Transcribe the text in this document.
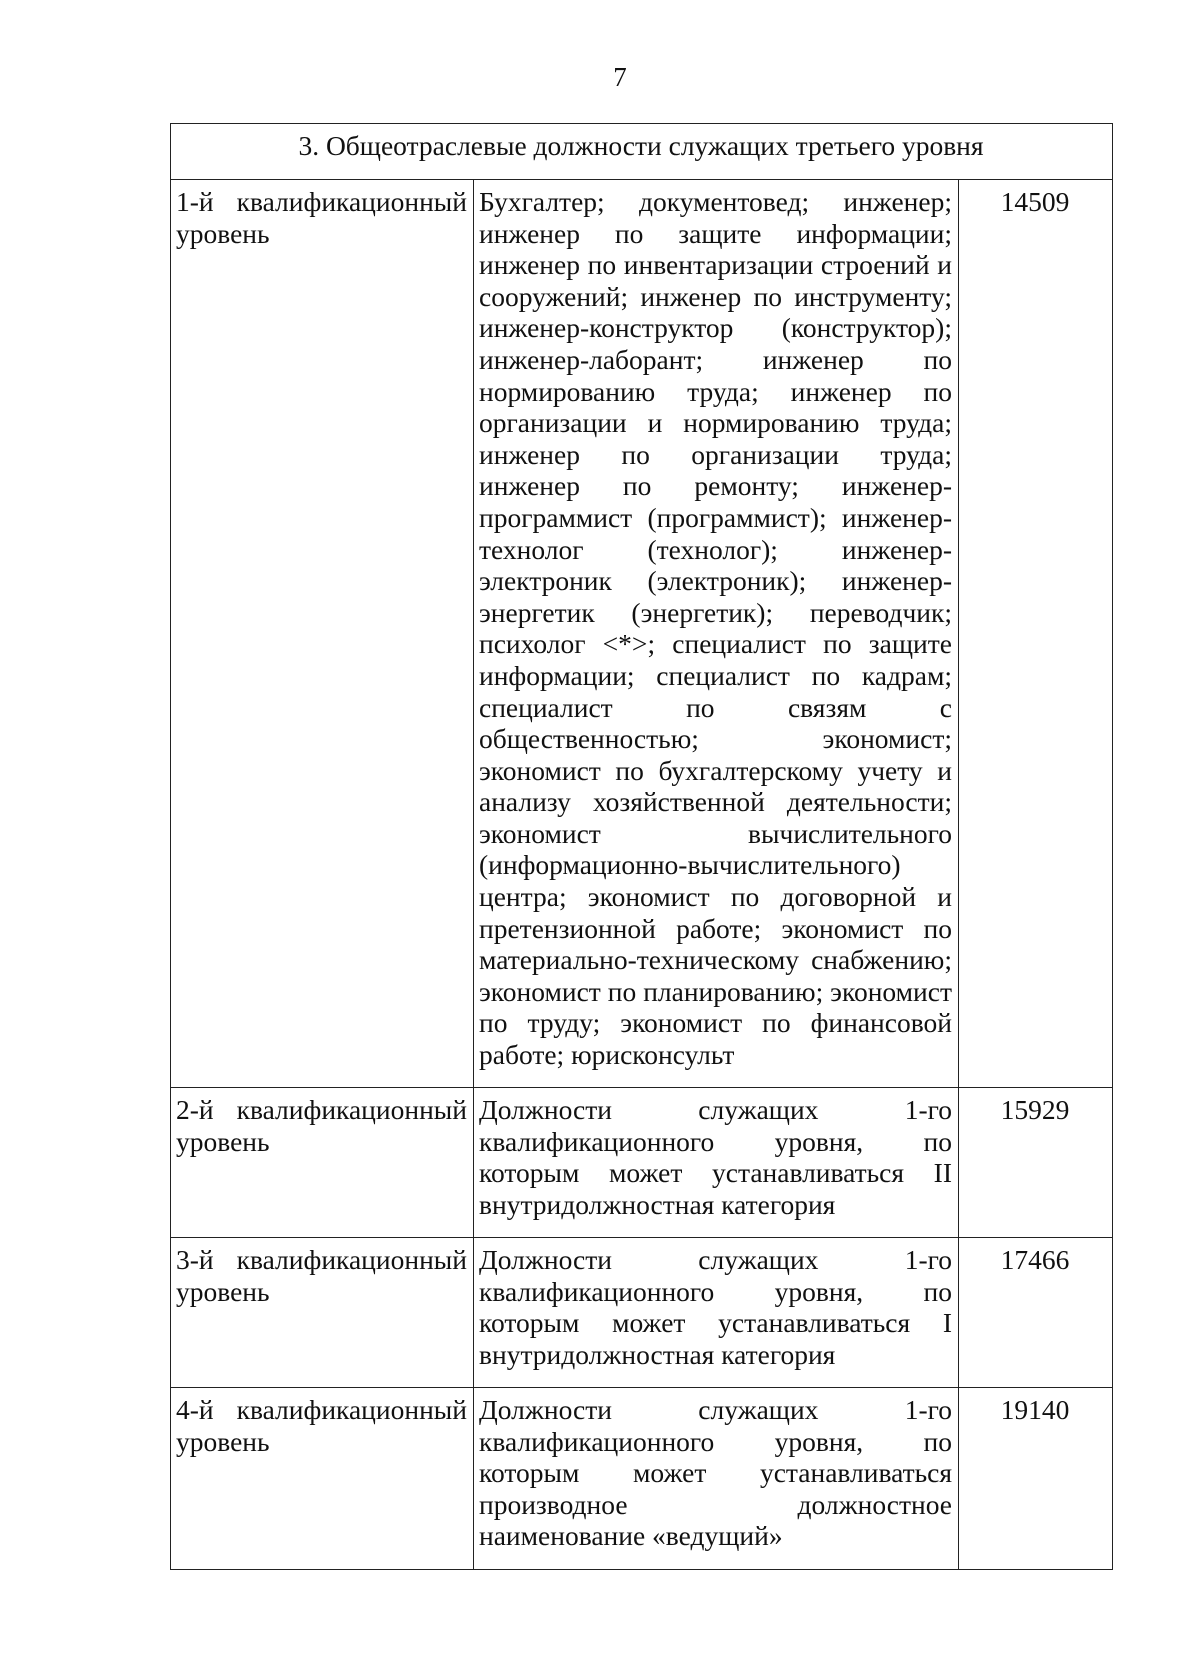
7
3. Общеотраслевые должности служащих третьего уровня		
1-й квалификационный уровень	Бухгалтер; документовед; инженер; инженер по защите информации; инженер по инвентаризации строений и сооружений; инженер по инструменту; инженер-конструктор (конструктор); инженер-лаборант; инженер по нормированию труда; инженер по организации и нормированию труда; инженер по организации труда; инженер по ремонту; инженер-программист (программист); инженер-технолог (технолог); инженер-электроник (электроник); инженер-энергетик (энергетик); переводчик; психолог <*>; специалист по защите информации; специалист по кадрам; специалист по связям с общественностью; экономист; экономист по бухгалтерскому учету и анализу хозяйственной деятельности; экономист вычислительного (информационно-вычислительного) центра; экономист по договорной и претензионной работе; экономист по материально-техническому снабжению; экономист по планированию; экономист по труду; экономист по финансовой работе; юрисконсульт	14509
2-й квалификационный уровень	Должности служащих 1-го квалификационного уровня, по которым может устанавливаться II внутридолжностная категория	15929
3-й квалификационный уровень	Должности служащих 1-го квалификационного уровня, по которым может устанавливаться I внутридолжностная категория	17466
4-й квалификационный уровень	Должности служащих 1-го квалификационного уровня, по которым может устанавливаться производное должностное наименование «ведущий»	19140
